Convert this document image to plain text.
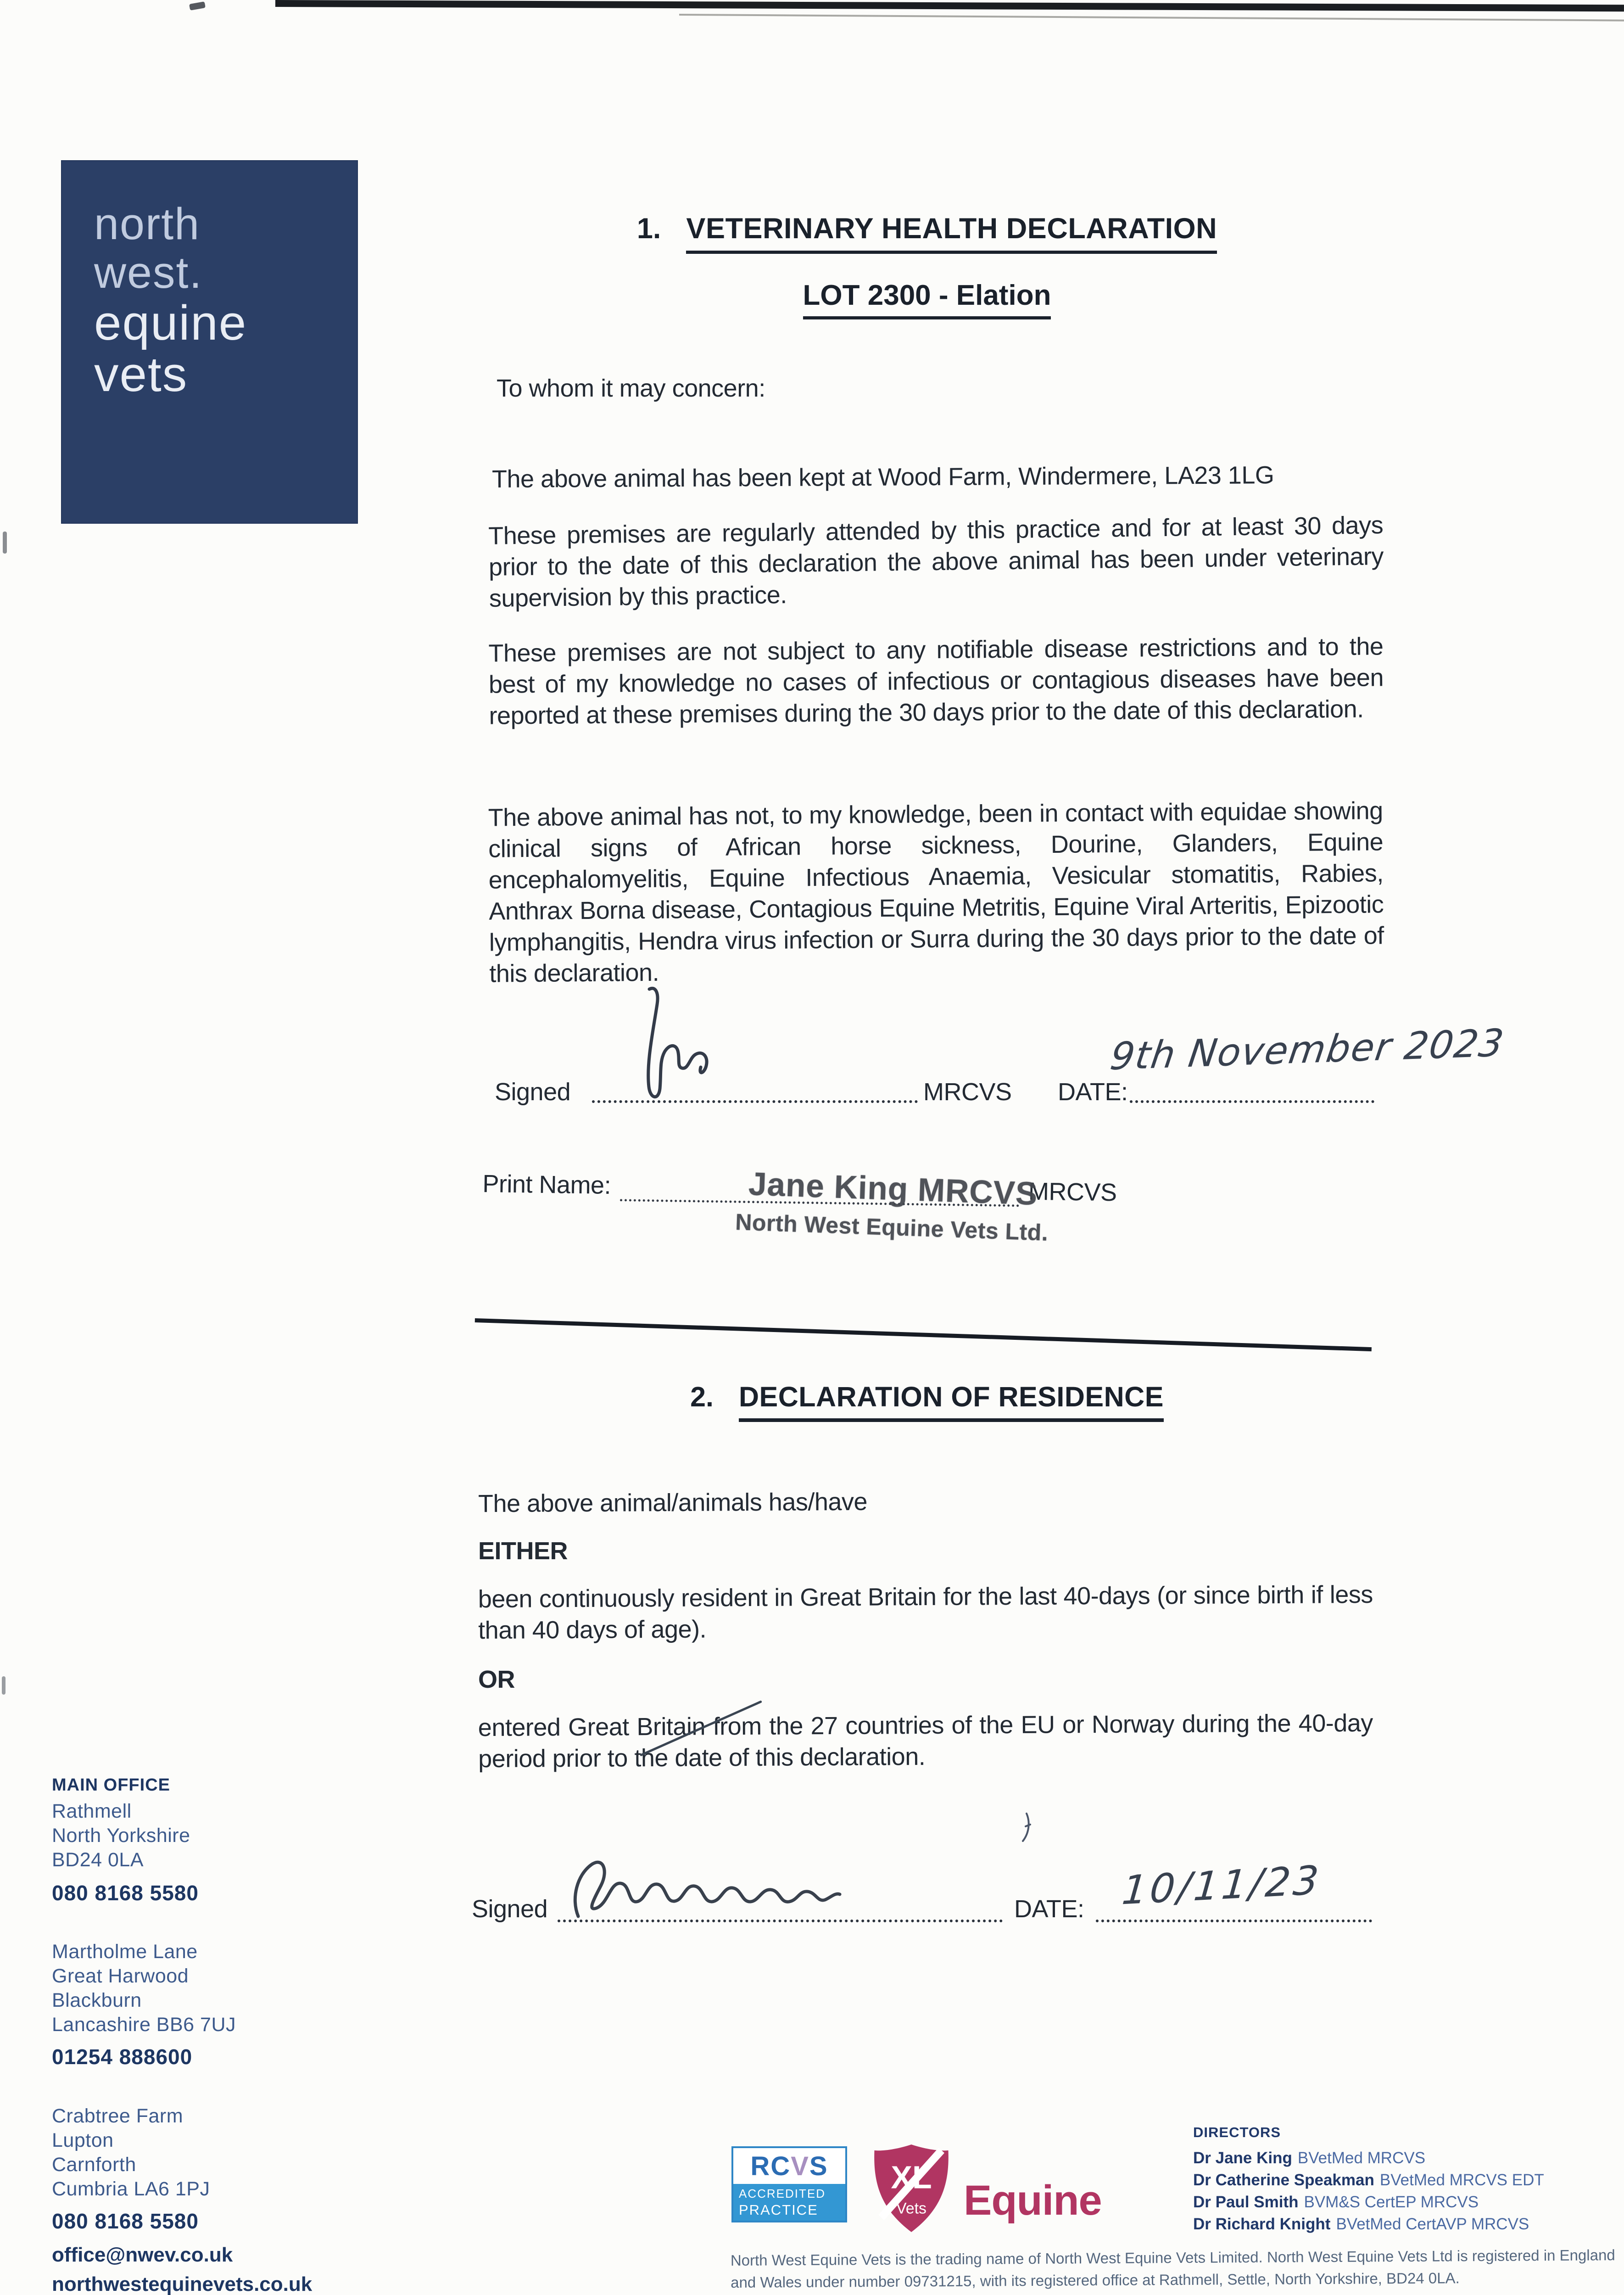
north
west.
equine
vets
1. VETERINARY HEALTH DECLARATION
LOT 2300 - Elation
To whom it may concern:
The above animal has been kept at Wood Farm, Windermere, LA23 1LG
These premises are regularly attended by this practice and for at least 30 days prior to the date of this declaration the above animal has been under veterinary supervision by this practice.
These premises are not subject to any notifiable disease restrictions and to the best of my knowledge no cases of infectious or contagious diseases have been reported at these premises during the 30 days prior to the date of this declaration.
The above animal has not, to my knowledge, been in contact with equidae showing clinical signs of African horse sickness, Dourine, Glanders, Equine encephalomyelitis, Equine Infectious Anaemia, Vesicular stomatitis, Rabies, Anthrax Borna disease, Contagious Equine Metritis, Equine Viral Arteritis, Epizootic lymphangitis, Hendra virus infection or Surra during the 30 days prior to the date of this declaration.
Signed	MRCVS DATE:
9th November 2023
Print Name:	MRCVS
Jane King MRCVS
North West Equine Vets Ltd.
2. DECLARATION OF RESIDENCE
The above animal/animals has/have
EITHER
been continuously resident in Great Britain for the last 40-days (or since birth if less than 40 days of age).
OR
entered Great Britain from the 27 countries of the EU or Norway during the 40-day period prior to the date of this declaration.
Signed	DATE: 10/11/23
MAIN OFFICE
Rathmell
North Yorkshire
BD24 0LA
080 8168 5580
Martholme Lane
Great Harwood
Blackburn
Lancashire BB6 7UJ
01254 888600
Crabtree Farm
Lupton
Carnforth
Cumbria LA6 1PJ
080 8168 5580
office@nwev.co.uk
northwestequinevets.co.uk
RC V S
ACCREDITED
PRACTICE
XL
Vets Equine
DIRECTORS
Dr Jane King BVetMed MRCVS
Dr Catherine Speakman BVetMed MRCVS EDT
Dr Paul Smith BVM&S CertEP MRCVS
Dr Richard Knight BVetMed CertAVP MRCVS
North West Equine Vets is the trading name of North West Equine Vets Limited. North West Equine Vets Ltd is registered in England and Wales under number 09731215, with its registered office at Rathmell, Settle, North Yorkshire, BD24 0LA.
